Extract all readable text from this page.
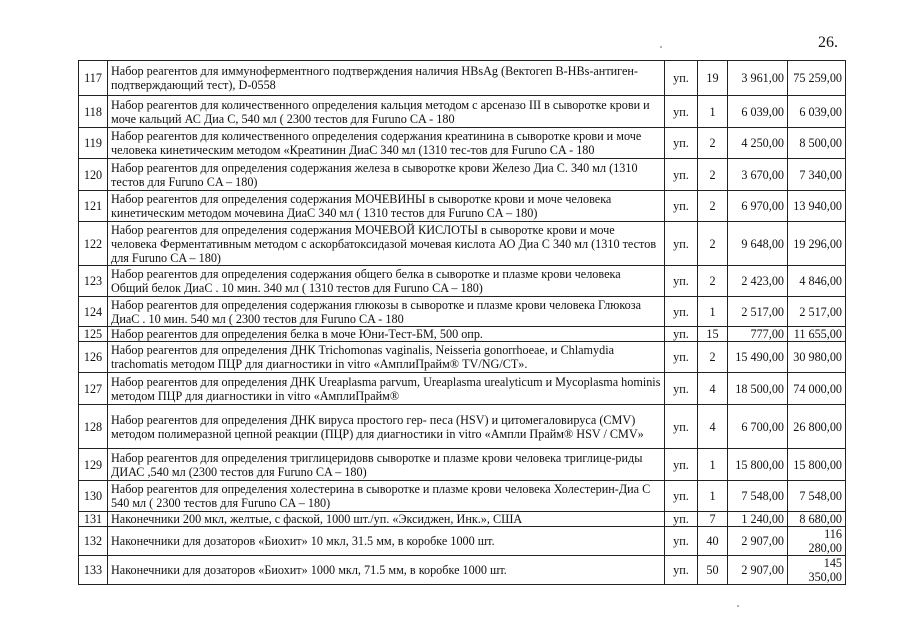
26.
117	Набор реагентов для иммуноферментного подтверждения наличия HBsAg (Вектогеп В-HBs-антиген-подтверждающий тест), D-0558	уп.	19	3 961,00	75 259,00
118	Набор реагентов для количественного определения кальция методом с арсеназо III в сыворотке крови и моче кальций АС Диа С, 540 мл ( 2300 тестов для Furuno CA - 180	уп.	1	6 039,00	6 039,00
119	Набор реагентов для количественного определения содержания креатинина в сыворотке крови и моче человека кинетическим методом «Креатинин ДиаС 340 мл (1310 тес-тов для Furuno CA - 180	уп.	2	4 250,00	8 500,00
120	Набор реагентов для определения содержания железа в сыворотке крови Железо Диа С. 340 мл (1310 тестов для Furuno CA – 180)	уп.	2	3 670,00	7 340,00
121	Набор реагентов для определения содержания МОЧЕВИНЫ в сыворотке крови и моче человека кинетическим методом мочевина ДиаС 340 мл ( 1310 тестов для Furuno CA – 180)	уп.	2	6 970,00	13 940,00
122	Набор реагентов для определения содержания МОЧЕВОЙ КИСЛОТЫ в сыворотке крови и моче человека Ферментативным методом с аскорбатоксидазой мочевая кислота АО Диа С 340 мл (1310 тестов для Furuno CA – 180)	уп.	2	9 648,00	19 296,00
123	Набор реагентов для определения содержания общего белка в сыворотке и плазме крови человека Общий белок ДиаС . 10 мин. 340 мл ( 1310 тестов для Furuno CA – 180)	уп.	2	2 423,00	4 846,00
124	Набор реагентов для определения содержания глюкозы в сыворотке и плазме крови человека Глюкоза ДиаС . 10 мин. 540 мл ( 2300 тестов для Furuno CA - 180	уп.	1	2 517,00	2 517,00
125	Набор реагентов для определения белка в моче Юни-Тест-БМ, 500 опр.	уп.	15	777,00	11 655,00
126	Набор реагентов для определения ДНК Trichomonas vaginalis, Neisseria gonorrhoeae, и Chlamydia trachomatis методом ПЦР для диагностики in vitro «АмплиПрайм® TV/NG/CT».	уп.	2	15 490,00	30 980,00
127	Набор реагентов для определения ДНК Ureaplasma parvum, Ureaplasma urealyticum и Mycoplasma hominis методом ПЦР для диагностики in vitro «АмплиПрайм®	уп.	4	18 500,00	74 000,00
128	Набор реагентов для определения ДНК вируса простого гер- песа (HSV) и цитомегаловируса (CMV) методом полимеразной цепной реакции (ПЦР) для диагностики in vitro «Ампли Прайм® HSV / CMV»	уп.	4	6 700,00	26 800,00
129	Набор реагентов для определения триглицеридовв сыворотке и плазме крови человека триглице-риды ДИАС ,540 мл (2300 тестов для Furuno CA – 180)	уп.	1	15 800,00	15 800,00
130	Набор реагентов для определения холестерина в сыворотке и плазме крови человека Холестерин-Диа С 540 мл ( 2300 тестов для Furuno CA – 180)	уп.	1	7 548,00	7 548,00
131	Наконечники 200 мкл, желтые, с фаской, 1000 шт./уп. «Эксиджен, Инк.», США	уп.	7	1 240,00	8 680,00
132	Наконечники для дозаторов «Биохит» 10 мкл, 31.5 мм, в коробке 1000 шт.	уп.	40	2 907,00	116 280,00
133	Наконечники для дозаторов «Биохит» 1000 мкл, 71.5 мм, в коробке 1000 шт.	уп.	50	2 907,00	145 350,00
